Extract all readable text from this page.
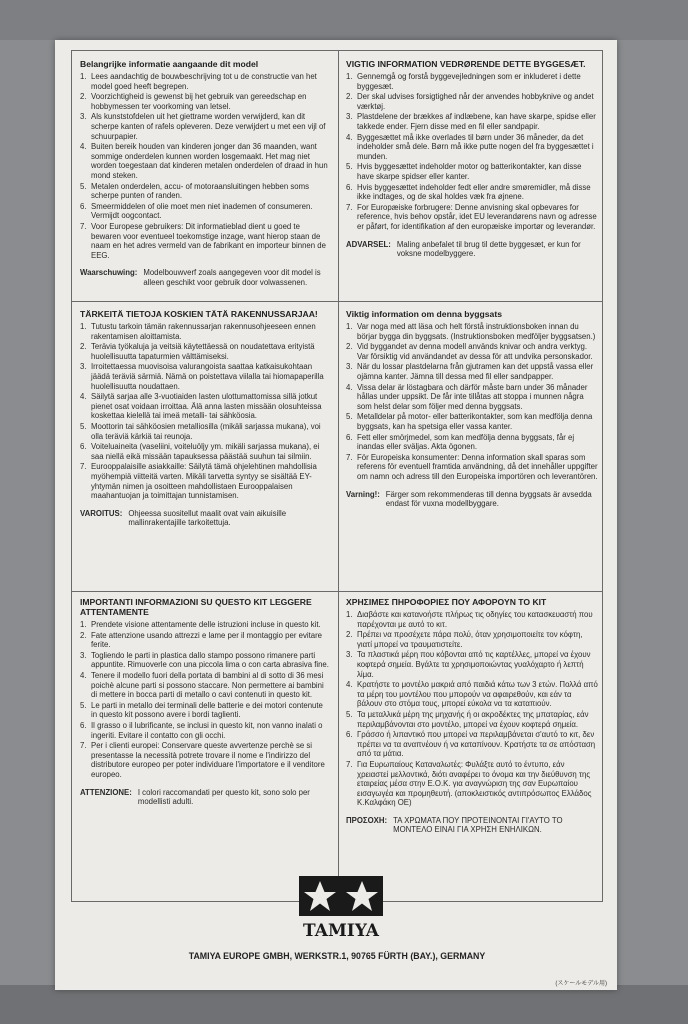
Belangrijke informatie aangaande dit model
1. Lees aandachtig de bouwbeschrijving tot u de constructie van het model goed heeft begrepen.
2. Voorzichtigheid is gewenst bij het gebruik van gereedschap en hobbymessen ter voorkoming van letsel.
3. Als kunststofdelen uit het giettrame worden verwijderd, kan dit scherpe kanten of rafels opleveren. Deze verwijdert u met een vijl of schuurpapier.
4. Buiten bereik houden van kinderen jonger dan 36 maanden, want sommige onderdelen kunnen worden losgemaakt. Het mag niet worden toegestaan dat kinderen metalen onderdelen of draad in hun mond steken.
5. Metalen onderdelen, accu- of motoraansluitingen hebben soms scherpe punten of randen.
6. Smeermiddelen of olie moet men niet inademen of consumeren. Vermijdt oogcontact.
7. Voor Europese gebruikers: Dit informatieblad dient u goed te bewaren voor eventueel toekomstige inzage, want hierop staan de naam en het adres vermeld van de fabrikant en importeur binnen de EEG.
Waarschuwing: Modelbouwverf zoals aangegeven voor dit model is alleen geschikt voor gebruik door volwassenen.
VIGTIG INFORMATION VEDRØRENDE DETTE BYGGESÆT.
1. Gennemgå og forstå byggevejledningen som er inkluderet i dette byggesæt.
2. Der skal udvises forsigtighed når der anvendes hobbyknive og andet værktøj.
3. Plastdelene der brækkes af indlæbene, kan have skarpe, spidse eller takkede ender. Fjern disse med en fil eller sandpapir.
4. Byggesættet må ikke overlades til børn under 36 måneder, da det indeholder små dele. Børn må ikke putte nogen del fra byggesættet i munden.
5. Hvis byggesættet indeholder motor og batterikontakter, kan disse have skarpe spidser eller kanter.
6. Hvis byggesættet indeholder fedt eller andre smøremidler, må disse ikke indtages, og de skal holdes væk fra øjnene.
7. For Europæiske forbrugere: Denne anvisning skal opbevares for reference, hvis behov opstår, idet EU leverandørens navn og adresse er påført, for identifikation af den europæiske importør og leverandør.
ADVARSEL: Maling anbefalet til brug til dette byggesæt, er kun for voksne modelbyggere.
TÄRKEITÄ TIETOJA KOSKIEN TÄTÄ RAKENNUSSARJAA!
1. Tutustu tarkoin tämän rakennussarjan rakennusohjeeseen ennen rakentamisen aloittamista.
2. Terävia työkaluja ja veitsiä käytettäessä on noudatettava erityistä huolellisuutta tapaturmien välttämiseksi.
3. Irroitettaessa muovisoisa valurangoista saattaa katkaisukohtaan jäädä teräviä särmiä. Nämä on poistettava viilalla tai hiomapaperilla huolellisuutta noudattaen.
4. Säilytä sarjaa alle 3-vuotiaiden lasten ulottumattomissa sillä jotkut pienet osat voidaan irroittaa. Älä anna lasten missään olosuhteissa koskettaa kielellä tai imeä metalli- tai sähköosia.
5. Moottorin tai sähköosien metalliosilla (mikäli sarjassa mukana), voi olla teräviä kärkiä tai reunoja.
6. Voiteluaineita (vaseliini, voiteluöljy ym. mikäli sarjassa mukana), ei saa niellä eikä missään tapauksessa päästää suuhun tai silmiin.
7. Eurooppalaisille asiakkaille: Säilytä tämä ohjelehtinen mahdollisia myöhempiä viitteitä varten. Mikäli tarvetta syntyy se sisältää EY-yhtymän nimen ja osoitteen mahdollistaen Eurooppalaisen maahantuojan ja toimittajan tunnistamisen.
VAROITUS: Ohjeessa suositellut maalit ovat vain aikuisille mallinrakentajille tarkoitettuja.
Viktig information om denna byggsats
1. Var noga med att läsa och helt förstå instruktionsboken innan du börjar bygga din byggsats. (Instruktionsboken medföljer byggsatsen.)
2. Vid byggandet av denna modell används knivar och andra verktyg. Var försiktig vid användandet av dessa för att undvika personskador.
3. När du lossar plastdelarna från gjutramen kan det uppstå vassa eller ojämna kanter. Jämna till dessa med fil eller sandpapper.
4. Vissa delar är löstagbara och därför måste barn under 36 månader hållas under uppsikt. De får inte tillåtas att stoppa i munnen några som helst delar som följer med denna byggsats.
5. Metalldelar på motor- eller batterikontakter, som kan medfölja denna byggsats, kan ha spetsiga eller vassa kanter.
6. Fett eller smörjmedel, som kan medfölja denna byggsats, får ej inandas eller sväljas. Akta ögonen.
7. För Europeiska konsumenter: Denna information skall sparas som referens för eventuell framtida användning, då det innehåller uppgifter om namn och adress till den Europeiska importören och leverantören.
Varning!: Färger som rekommenderas till denna byggsats är avsedda endast för vuxna modellbyggare.
IMPORTANTI INFORMAZIONI SU QUESTO KIT LEGGERE ATTENTAMENTE
1. Prendete visione attentamente delle istruzioni incluse in questo kit.
2. Fate attenzione usando attrezzi e lame per il montaggio per evitare ferite.
3. Togliendo le parti in plastica dallo stampo possono rimanere parti appuntite. Rimuoverle con una piccola lima o con carta abrasiva fine.
4. Tenere il modello fuori della portata di bambini al di sotto di 36 mesi poichè alcune parti si possono staccare. Non permettere ai bambini di mettere in bocca parti di metallo o cavi contenuti in questo kit.
5. Le parti in metallo dei terminali delle batterie e dei motori contenute in questo kit possono avere i bordi taglienti.
6. Il grasso o il lubrificante, se inclusi in questo kit, non vanno inalati o ingeriti. Evitare il contatto con gli occhi.
7. Per i clienti europei: Conservare queste avvertenze perchè se si presentasse la necessità potrete trovare il nome e l'indirizzo del distributore europeo per poter individuare l'importatore e il venditore europeo.
ATTENZIONE: I colori raccomandati per questo kit, sono solo per modellisti adulti.
ΧΡΗΣΙΜΕΣ ΠΗΡΟΦΟΡΙΕΣ ΠΟΥ ΑΦΟΡΟΥΝ ΤΟ ΚΙΤ
1. Διαβάστε και κατανοήστε πλήρως τις οδηγίες του κατασκευαστή που παρέχονται με αυτό το κιτ.
2. Πρέπει να προσέχετε πάρα πολύ, όταν χρησιμοποιείτε τον κόφτη, γιατί μπορεί να τραυματιστείτε.
3. Τα πλαστικά μέρη που κόβονται από τις καρτέλλες, μπορεί να έχουν κοφτερά σημεία. Βγάλτε τα χρησιμοποιώντας γυαλόχαρτο ή λεπτή λίμα.
4. Κρατήστε το μοντέλο μακριά από παιδιά κάτω των 3 ετών. Πολλά από τα μέρη του μοντέλου που μπορούν να αφαιρεθούν, και εάν τα βάλουν στο στόμα τους, μπορεί εύκολα να τα καταπιούν.
5. Τα μεταλλικά μέρη της μηχανής ή οι ακροδέκτες της μπαταρίας, εάν περιλαμβάνονται στο μοντέλο, μπορεί να έχουν κοφτερά σημεία.
6. Γράσσο ή λιπαντικό που μπορεί να περιλαμβάνεται σ'αυτό το κιτ, δεν πρέπει να τα αναπνέουν ή να καταπίνουν. Κρατήστε τα σε απόσταση από τα μάτια.
7. Για Ευρωπαίους Καταναλωτές: Φυλάξτε αυτό το έντυπο, εάν χρειαστεί μελλοντικά, διότι αναφέρει το όνομα και την διεύθυνση της εταιρείας μέσα στην Ε.Ο.Κ. για αναγνώριση της σαν Ευρωπαίου εισαγωγέα και προμηθευτή. (αποκλειστικός αντιπρόσωπος Ελλάδος Κ.Καλφάκη ΟΕ)
ΠΡΟΣΟΧΗ: ΤΑ ΧΡΩΜΑΤΑ ΠΟΥ ΠΡΟΤΕΙΝΟΝΤΑΙ ΓΙ'ΑΥΤΟ ΤΟ ΜΟΝΤΕΛΟ ΕΙΝΑΙ ΓΙΑ ΧΡΗΣΗ ΕΝΗΛΙΚΩΝ.
TAMIYA
TAMIYA EUROPE GMBH, WERKSTR.1, 90765 FÜRTH (BAY.), GERMANY
(スケールモデル用)
